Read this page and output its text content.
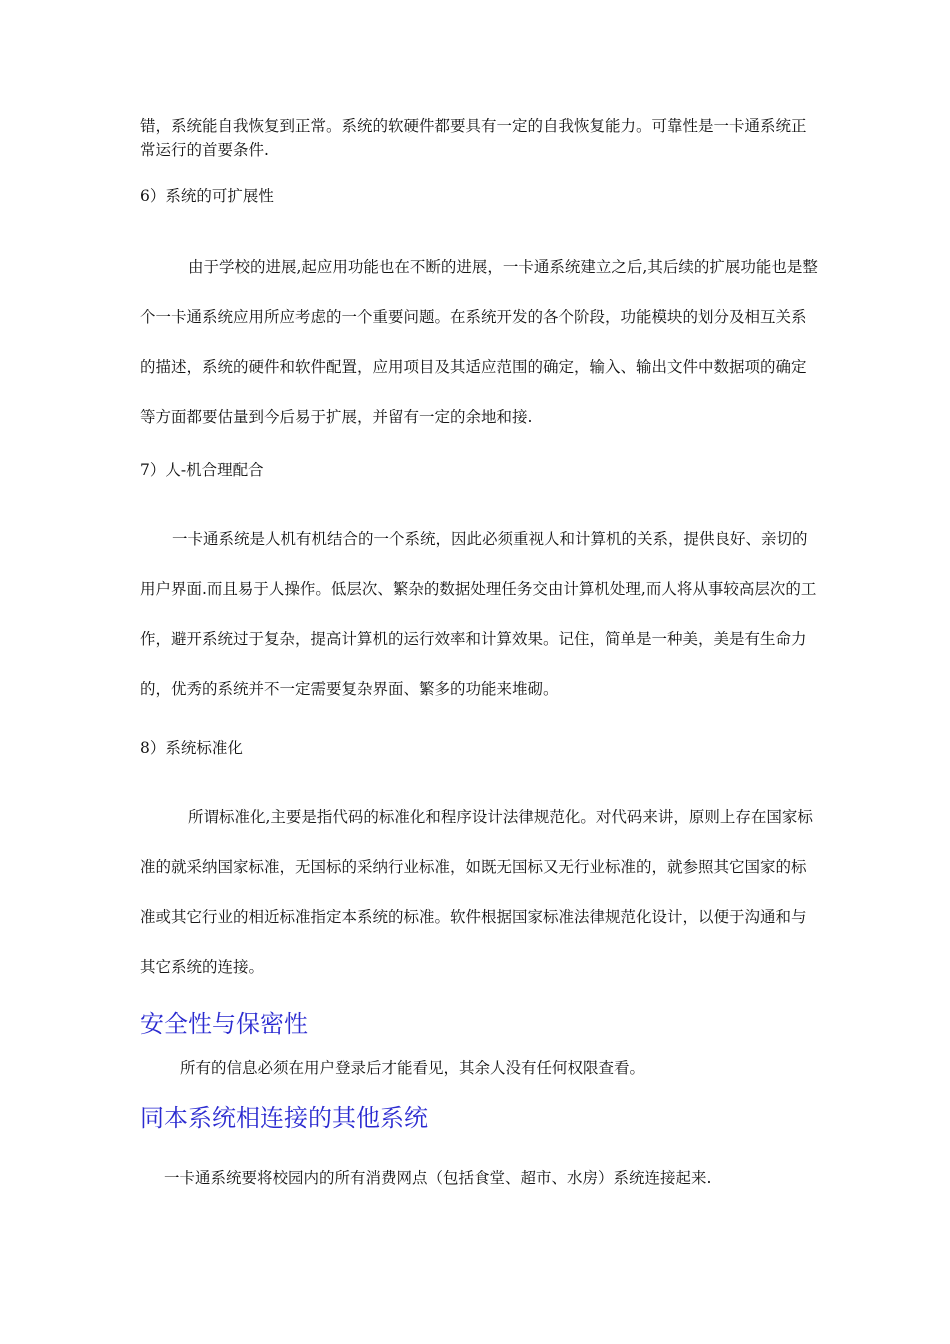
错，系统能自我恢复到正常。系统的软硬件都要具有一定的自我恢复能力。可靠性是一卡通系统正常运行的首要条件.

6）系统的可扩展性

由于学校的进展,起应用功能也在不断的进展，一卡通系统建立之后,其后续的扩展功能也是整个一卡通系统应用所应考虑的一个重要问题。在系统开发的各个阶段，功能模块的划分及相互关系的描述，系统的硬件和软件配置，应用项目及其适应范围的确定，输入、输出文件中数据项的确定等方面都要估量到今后易于扩展，并留有一定的余地和接.

7）人-机合理配合

一卡通系统是人机有机结合的一个系统，因此必须重视人和计算机的关系，提供良好、亲切的用户界面.而且易于人操作。低层次、繁杂的数据处理任务交由计算机处理,而人将从事较高层次的工作，避开系统过于复杂，提高计算机的运行效率和计算效果。记住，简单是一种美，美是有生命力的，优秀的系统并不一定需要复杂界面、繁多的功能来堆砌。

8）系统标准化

所谓标准化,主要是指代码的标准化和程序设计法律规范化。对代码来讲，原则上存在国家标准的就采纳国家标准，无国标的采纳行业标准，如既无国标又无行业标准的，就参照其它国家的标准或其它行业的相近标准指定本系统的标准。软件根据国家标准法律规范化设计，以便于沟通和与其它系统的连接。

安全性与保密性

所有的信息必须在用户登录后才能看见，其余人没有任何权限查看。

同本系统相连接的其他系统

一卡通系统要将校园内的所有消费网点（包括食堂、超市、水房）系统连接起来.
